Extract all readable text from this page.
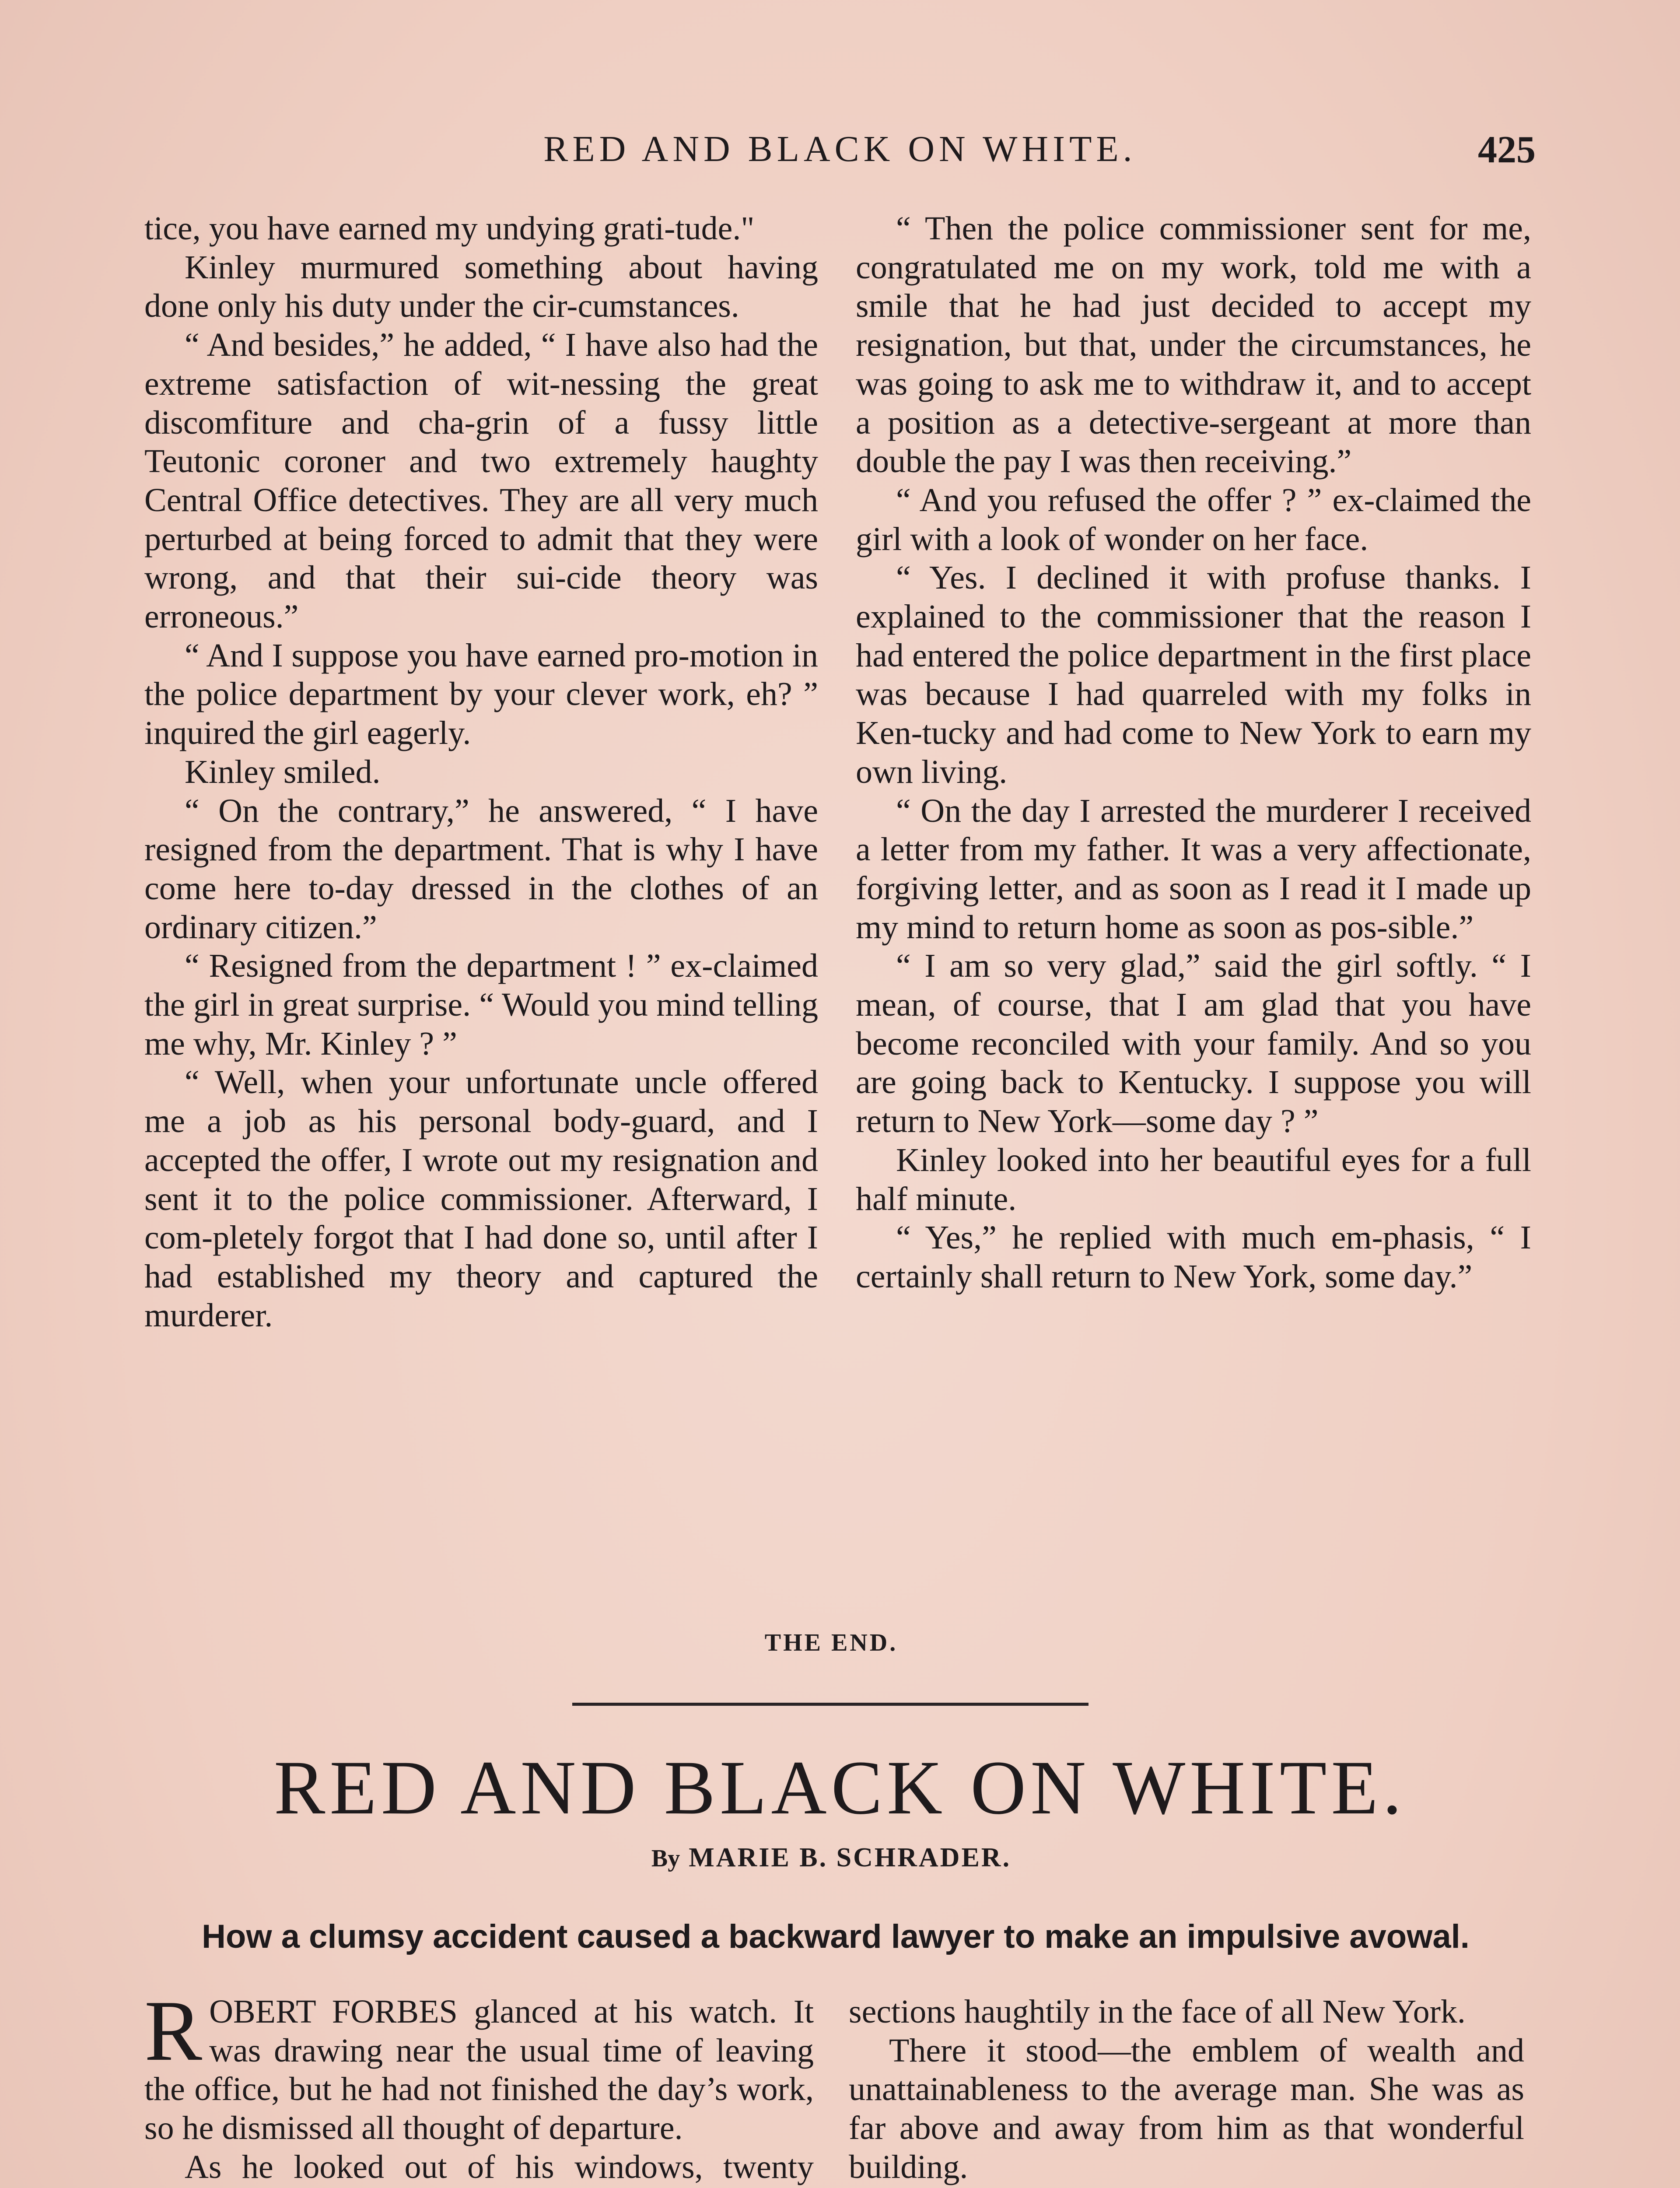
RED AND BLACK ON WHITE.	425

tice, you have earned my undying grati-tude."

Kinley murmured something about having done only his duty under the cir-cumstances.

“ And besides,” he added, “ I have also had the extreme satisfaction of wit-nessing the great discomfiture and cha-grin of a fussy little Teutonic coroner and two extremely haughty Central Office detectives. They are all very much perturbed at being forced to admit that they were wrong, and that their sui-cide theory was erroneous.”

“ And I suppose you have earned pro-motion in the police department by your clever work, eh? ” inquired the girl eagerly.

Kinley smiled.

“ On the contrary,” he answered, “ I have resigned from the department. That is why I have come here to-day dressed in the clothes of an ordinary citizen.”

“ Resigned from the department ! ” ex-claimed the girl in great surprise. “ Would you mind telling me why, Mr. Kinley ? ”

“ Well, when your unfortunate uncle offered me a job as his personal body-guard, and I accepted the offer, I wrote out my resignation and sent it to the police commissioner. Afterward, I com-pletely forgot that I had done so, until after I had established my theory and captured the murderer.

“ Then the police commissioner sent for me, congratulated me on my work, told me with a smile that he had just decided to accept my resignation, but that, under the circumstances, he was going to ask me to withdraw it, and to accept a position as a detective-sergeant at more than double the pay I was then receiving.”

“ And you refused the offer ? ” ex-claimed the girl with a look of wonder on her face.

“ Yes. I declined it with profuse thanks. I explained to the commissioner that the reason I had entered the police department in the first place was because I had quarreled with my folks in Ken-tucky and had come to New York to earn my own living.

“ On the day I arrested the murderer I received a letter from my father. It was a very affectionate, forgiving letter, and as soon as I read it I made up my mind to return home as soon as pos-sible.”

“ I am so very glad,” said the girl softly. “ I mean, of course, that I am glad that you have become reconciled with your family. And so you are going back to Kentucky. I suppose you will return to New York—some day ? ”

Kinley looked into her beautiful eyes for a full half minute.

“ Yes,” he replied with much em-phasis, “ I certainly shall return to New York, some day.”

THE END.
RED AND BLACK ON WHITE.
By MARIE B. SCHRADER.
How a clumsy accident caused a backward lawyer to make an impulsive avowal.

ROBERT FORBES glanced at his watch. It was drawing near the usual time of leaving the office, but he had not finished the day’s work, so he dismissed all thought of departure.

As he looked out of his windows, twenty

sections haughtily in the face of all New York.

There it stood—the emblem of wealth and unattainableness to the average man. She was as far above and away from him as that wonderful building.
